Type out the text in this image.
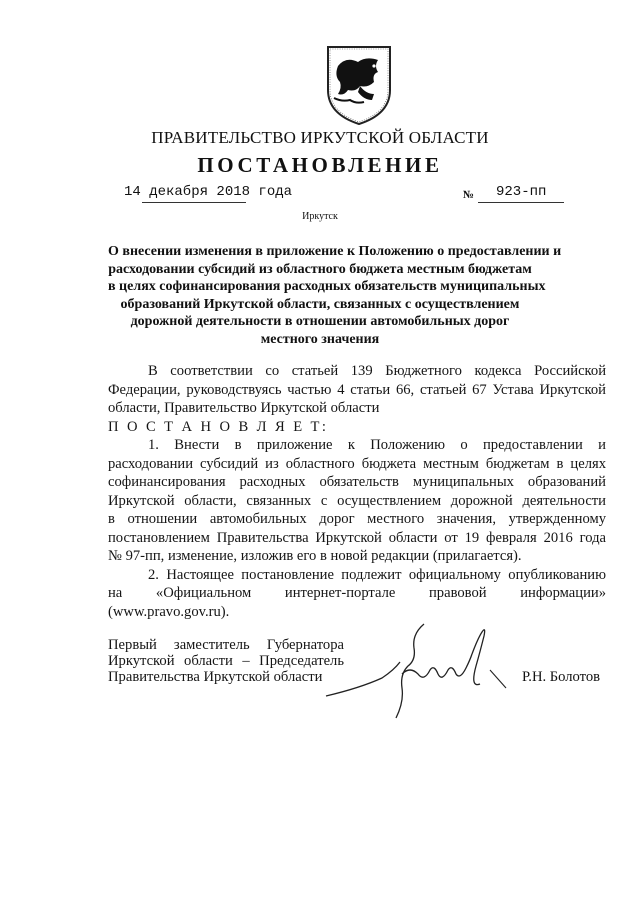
ПРАВИТЕЛЬСТВО ИРКУТСКОЙ ОБЛАСТИ
ПОСТАНОВЛЕНИЕ
14 декабря 2018 года	№ 923-пп
Иркутск
О внесении изменения в приложение к Положению о предоставлении и
расходовании субсидий из областного бюджета местным бюджетам
в целях софинансирования расходных обязательств муниципальных
образований Иркутской области, связанных с осуществлением
дорожной деятельности в отношении автомобильных дорог
местного значения
В соответствии со статьей 139 Бюджетного кодекса Российской
Федерации, руководствуясь частью 4 статьи 66, статьей 67 Устава Иркутской
области, Правительство Иркутской области
П О С Т А Н О В Л Я Е Т:
1. Внести в приложение к Положению о предоставлении и
расходовании субсидий из областного бюджета местным бюджетам в целях
софинансирования расходных обязательств муниципальных образований
Иркутской области, связанных с осуществлением дорожной деятельности
в отношении автомобильных дорог местного значения, утвержденному
постановлением Правительства Иркутской области от 19 февраля 2016 года
№ 97-пп, изменение, изложив его в новой редакции (прилагается).
2. Настоящее постановление подлежит официальному опубликованию
на «Официальном интернет-портале правовой информации»
(www.pravo.gov.ru).
Первый заместитель Губернатора
Иркутской области – Председатель
Правительства Иркутской области	Р.Н. Болотов
